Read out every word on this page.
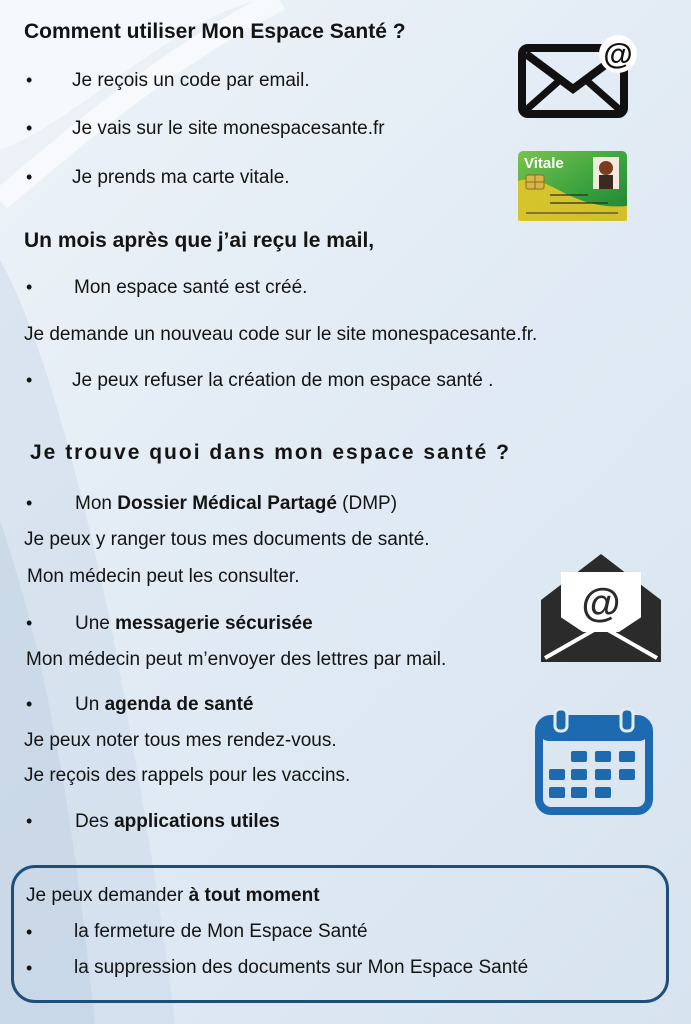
Comment utiliser Mon Espace Santé ?
• Je reçois un code par email.
• Je vais sur le site monespacesante.fr
• Je prends ma carte vitale.
@
Vitale
Un mois après que j’ai reçu le mail,
• Mon espace santé est créé.
Je demande un nouveau code sur le site monespacesante.fr.
• Je peux refuser la création de mon espace santé .
Je trouve quoi dans mon espace santé ?
• Mon Dossier Médical Partagé (DMP)
Je peux y ranger tous mes documents de santé.
Mon médecin peut les consulter.
• Une messagerie sécurisée
Mon médecin peut m’envoyer des lettres par mail.
• Un agenda de santé
Je peux noter tous mes rendez-vous.
Je reçois des rappels pour les vaccins.
• Des applications utiles
@
Je peux demander à tout moment
• la fermeture de Mon Espace Santé
• la suppression des documents sur Mon Espace Santé
